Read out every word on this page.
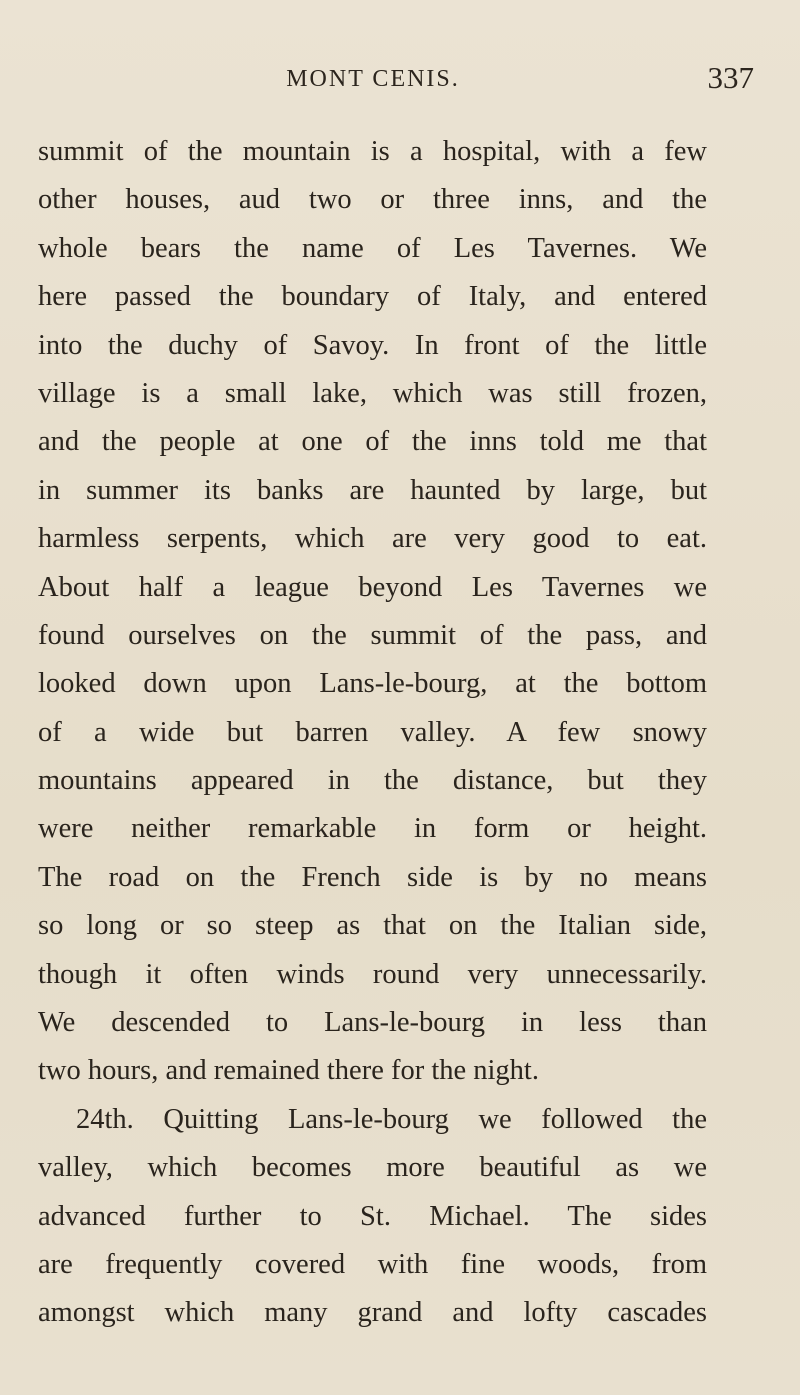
MONT CENIS.	337
summit of the mountain is a hospital, with a few
other houses, aud two or three inns, and the
whole bears the name of Les Tavernes. We
here passed the boundary of Italy, and entered
into the duchy of Savoy. In front of the little
village is a small lake, which was still frozen,
and the people at one of the inns told me that
in summer its banks are haunted by large, but
harmless serpents, which are very good to eat.
About half a league beyond Les Tavernes we
found ourselves on the summit of the pass, and
looked down upon Lans-le-bourg, at the bottom
of a wide but barren valley. A few snowy
mountains appeared in the distance, but they
were neither remarkable in form or height.
The road on the French side is by no means
so long or so steep as that on the Italian side,
though it often winds round very unnecessarily.
We descended to Lans-le-bourg in less than
two hours, and remained there for the night.
24th. Quitting Lans-le-bourg we followed the
valley, which becomes more beautiful as we
advanced further to St. Michael. The sides
are frequently covered with fine woods, from
amongst which many grand and lofty cascades
